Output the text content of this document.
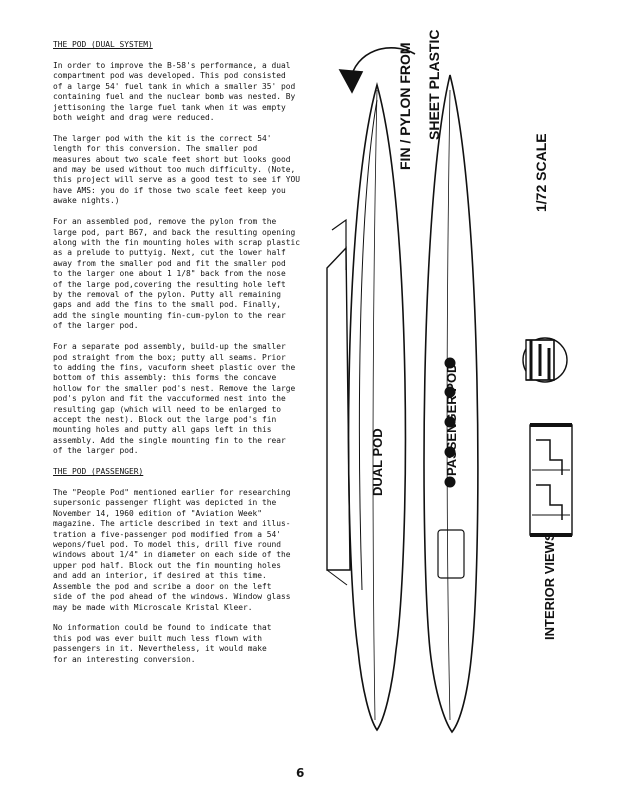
THE POD (DUAL SYSTEM)

In order to improve the B-58's performance, a dual
compartment pod was developed. This pod consisted
of a large 54' fuel tank in which a smaller 35' pod
containing fuel and the nuclear bomb was nested. By
jettisoning the large fuel tank when it was empty
both weight and drag were reduced.

The larger pod with the kit is the correct 54'
length for this conversion. The smaller pod
measures about two scale feet short but looks good
and may be used without too much difficulty. (Note,
this project will serve as a good test to see if YOU
have AMS: you do if those two scale feet keep you
awake nights.)

For an assembled pod, remove the pylon from the
large pod, part B67, and back the resulting opening
along with the fin mounting holes with scrap plastic
as a prelude to puttyig. Next, cut the lower half
away from the smaller pod and fit the smaller pod
to the larger one about 1 1/8" back from the nose
of the large pod,covering the resulting hole left
by the removal of the pylon. Putty all remaining
gaps and add the fins to the small pod. Finally,
add the single mounting fin-cum-pylon to the rear
of the larger pod.

For a separate pod assembly, build-up the smaller
pod straight from the box; putty all seams. Prior
to adding the fins, vacuform sheet plastic over the
bottom of this assembly: this forms the concave
hollow for the smaller pod's nest. Remove the large
pod's pylon and fit the vaccuformed nest into the
resulting gap (which will need to be enlarged to
accept the nest). Block out the large pod's fin
mounting holes and putty all gaps left in this
assembly. Add the single mounting fin to the rear
of the larger pod.

THE POD (PASSENGER)

The "People Pod" mentioned earlier for researching
supersonic passenger flight was depicted in the
November 14, 1960 edition of "Aviation Week"
magazine. The article described in text and illus-
tration a five-passenger pod modified from a 54'
wepons/fuel pod. To model this, drill five round
windows about 1/4" in diameter on each side of the
upper pod half. Block out the fin mounting holes
and add an interior, if desired at this time.
Assemble the pod and scribe a door on the left
side of the pod ahead of the windows. Window glass
may be made with Microscale Kristal Kleer.

No information could be found to indicate that
this pod was ever built much less flown with
passengers in it. Nevertheless, it would make
for an interesting conversion.

FIN / PYLON FROM SHEET PLASTIC
1/72 SCALE
DUAL POD	PASSENGER POD
INTERIOR VIEWS
6
